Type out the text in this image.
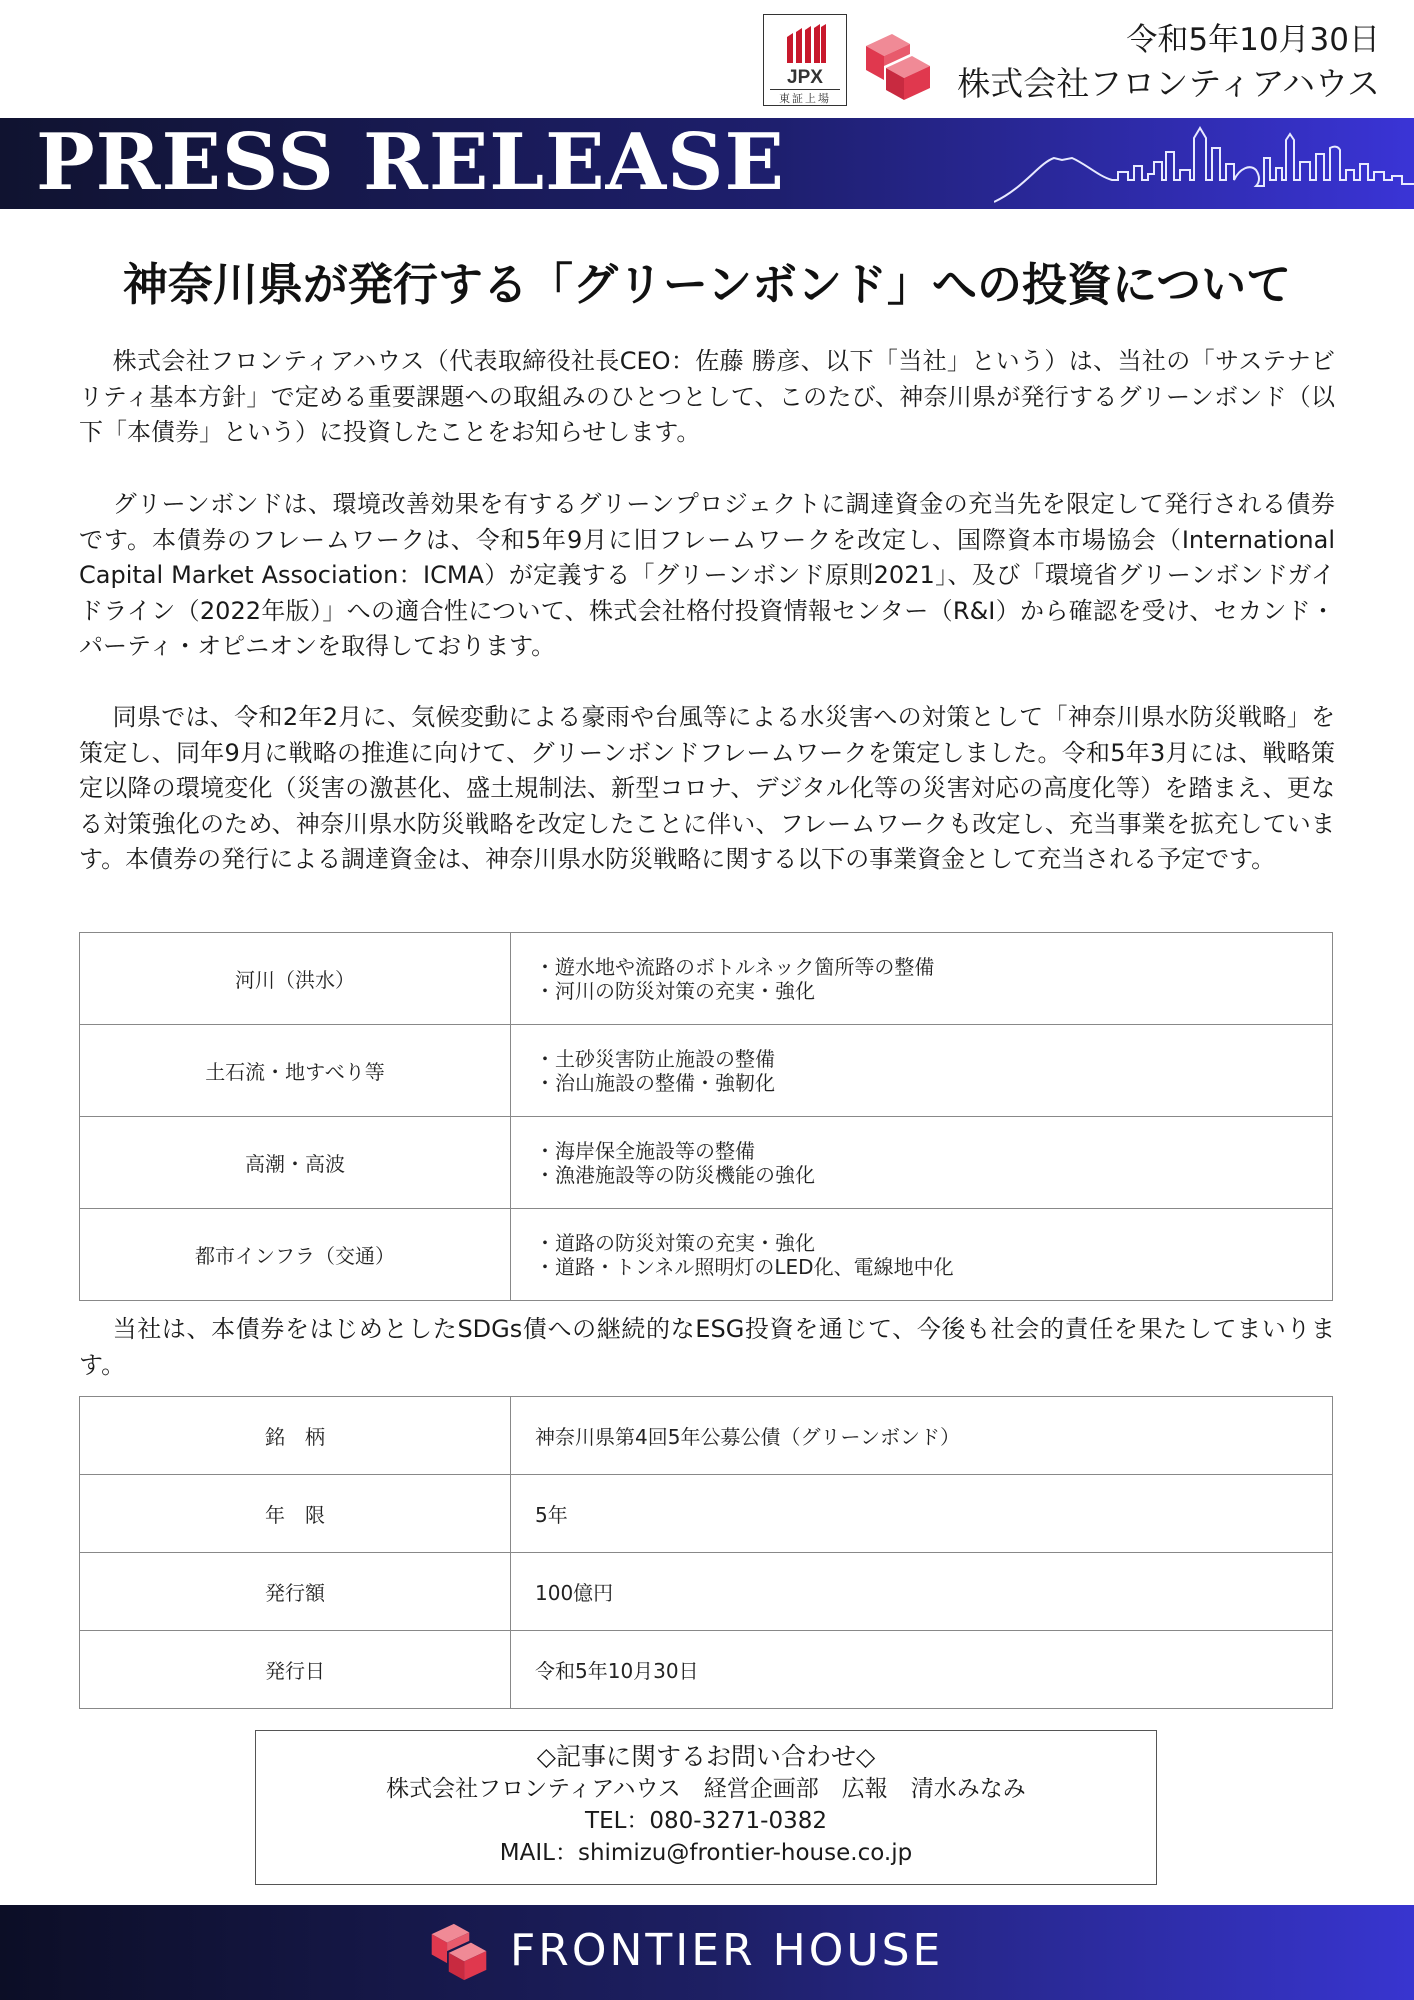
JPX
東証上場
令和5年10月30日
株式会社フロンティアハウス
PRESS RELEASE
神奈川県が発行する「グリーンボンド」への投資について

株式会社フロンティアハウス（代表取締役社長CEO：佐藤 勝彦、以下「当社」という）は、当社の「サステナビリティ基本方針」で定める重要課題への取組みのひとつとして、このたび、神奈川県が発行するグリーンボンド（以下「本債券」という）に投資したことをお知らせします。

グリーンボンドは、環境改善効果を有するグリーンプロジェクトに調達資金の充当先を限定して発行される債券です。本債券のフレームワークは、令和5年9月に旧フレームワークを改定し、国際資本市場協会（International Capital Market Association：ICMA）が定義する「グリーンボンド原則2021」、及び「環境省グリーンボンドガイドライン（2022年版）」への適合性について、株式会社格付投資情報センター（R&I）から確認を受け、セカンド・パーティ・オピニオンを取得しております。

同県では、令和2年2月に、気候変動による豪雨や台風等による水災害への対策として「神奈川県水防災戦略」を策定し、同年9月に戦略の推進に向けて、グリーンボンドフレームワークを策定しました。令和5年3月には、戦略策定以降の環境変化（災害の激甚化、盛土規制法、新型コロナ、デジタル化等の災害対応の高度化等）を踏まえ、更なる対策強化のため、神奈川県水防災戦略を改定したことに伴い、フレームワークも改定し、充当事業を拡充しています。本債券の発行による調達資金は、神奈川県水防災戦略に関する以下の事業資金として充当される予定です。

河川（洪水）	・遊水地や流路のボトルネック箇所等の整備
・河川の防災対策の充実・強化

土石流・地すべり等	・土砂災害防止施設の整備
・治山施設の整備・強靭化

高潮・高波	・海岸保全施設等の整備
・漁港施設等の防災機能の強化

都市インフラ（交通）	・道路の防災対策の充実・強化
・道路・トンネル照明灯のLED化、電線地中化

当社は、本債券をはじめとしたSDGs債への継続的なESG投資を通じて、今後も社会的責任を果たしてまいります。

銘　柄	神奈川県第4回5年公募公債（グリーンボンド）
年　限	5年
発行額	100億円
発行日	令和5年10月30日
◇記事に関するお問い合わせ◇
株式会社フロンティアハウス　経営企画部　広報　清水みなみ
TEL：080-3271-0382
MAIL：shimizu@frontier-house.co.jp
FRONTIER HOUSE
